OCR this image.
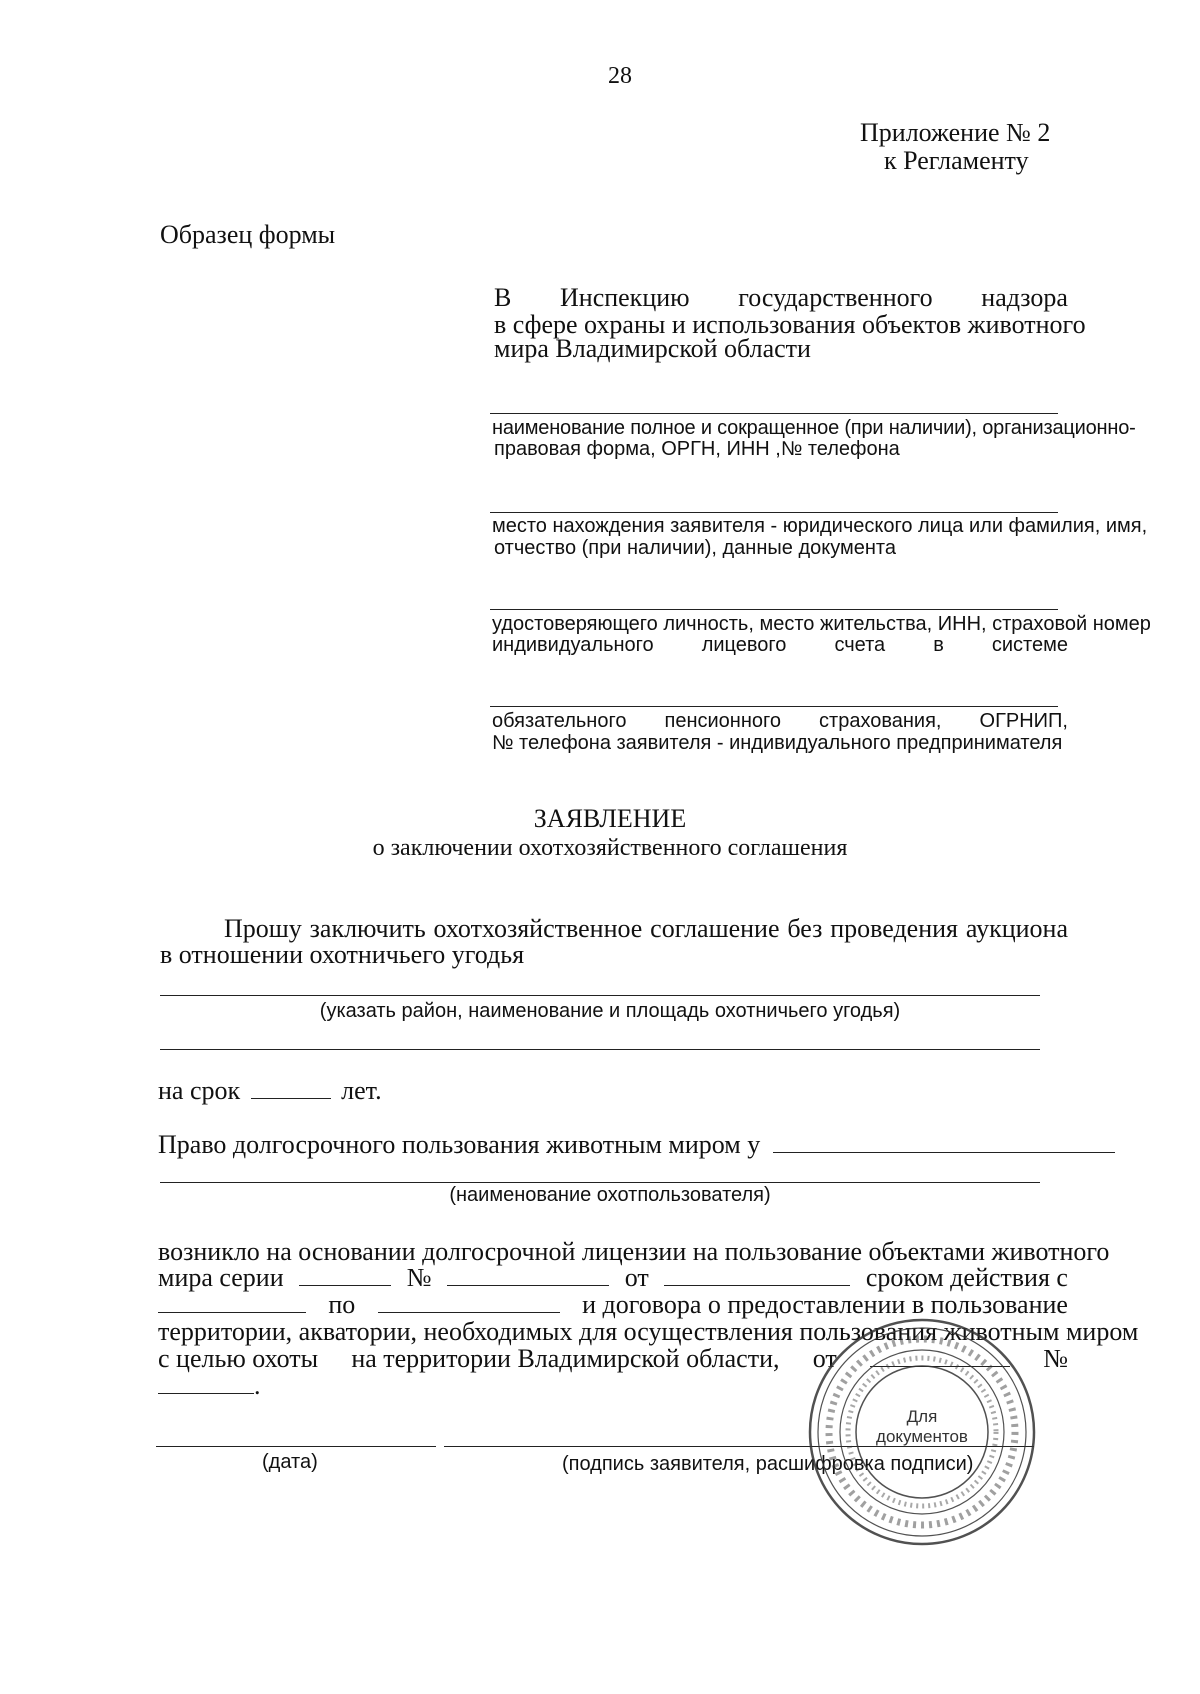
28
Приложение № 2
к Регламенту
Образец формы
В Инспекцию государственного надзора
в сфере охраны и использования объектов животного
мира Владимирской области
наименование полное и сокращенное (при наличии), организационно-
правовая форма, ОРГН, ИНН ,№ телефона
место нахождения заявителя - юридического лица или фамилия, имя,
отчество (при наличии), данные документа
удостоверяющего личность, место жительства, ИНН, страховой номер
индивидуального лицевого счета в системе
обязательного пенсионного страхования, ОГРНИП,
№ телефона заявителя - индивидуального предпринимателя
ЗАЯВЛЕНИЕ
о заключении охотхозяйственного соглашения
Прошу заключить охотхозяйственное соглашение без проведения аукциона
в отношении охотничьего угодья
(указать район, наименование и площадь охотничьего угодья)
на срок	лет.
Право долгосрочного пользования животным миром у
(наименование охотпользователя)
возникло на основании долгосрочной лицензии на пользование объектами животного
мира серии	№	от	сроком действия с
по	и договора о предоставлении в пользование
территории, акватории, необходимых для осуществления пользования животным миром
с целью охоты на территории Владимирской области, от	№
.
(дата)	(подпись заявителя, расшифровка подписи)
Для
документов
